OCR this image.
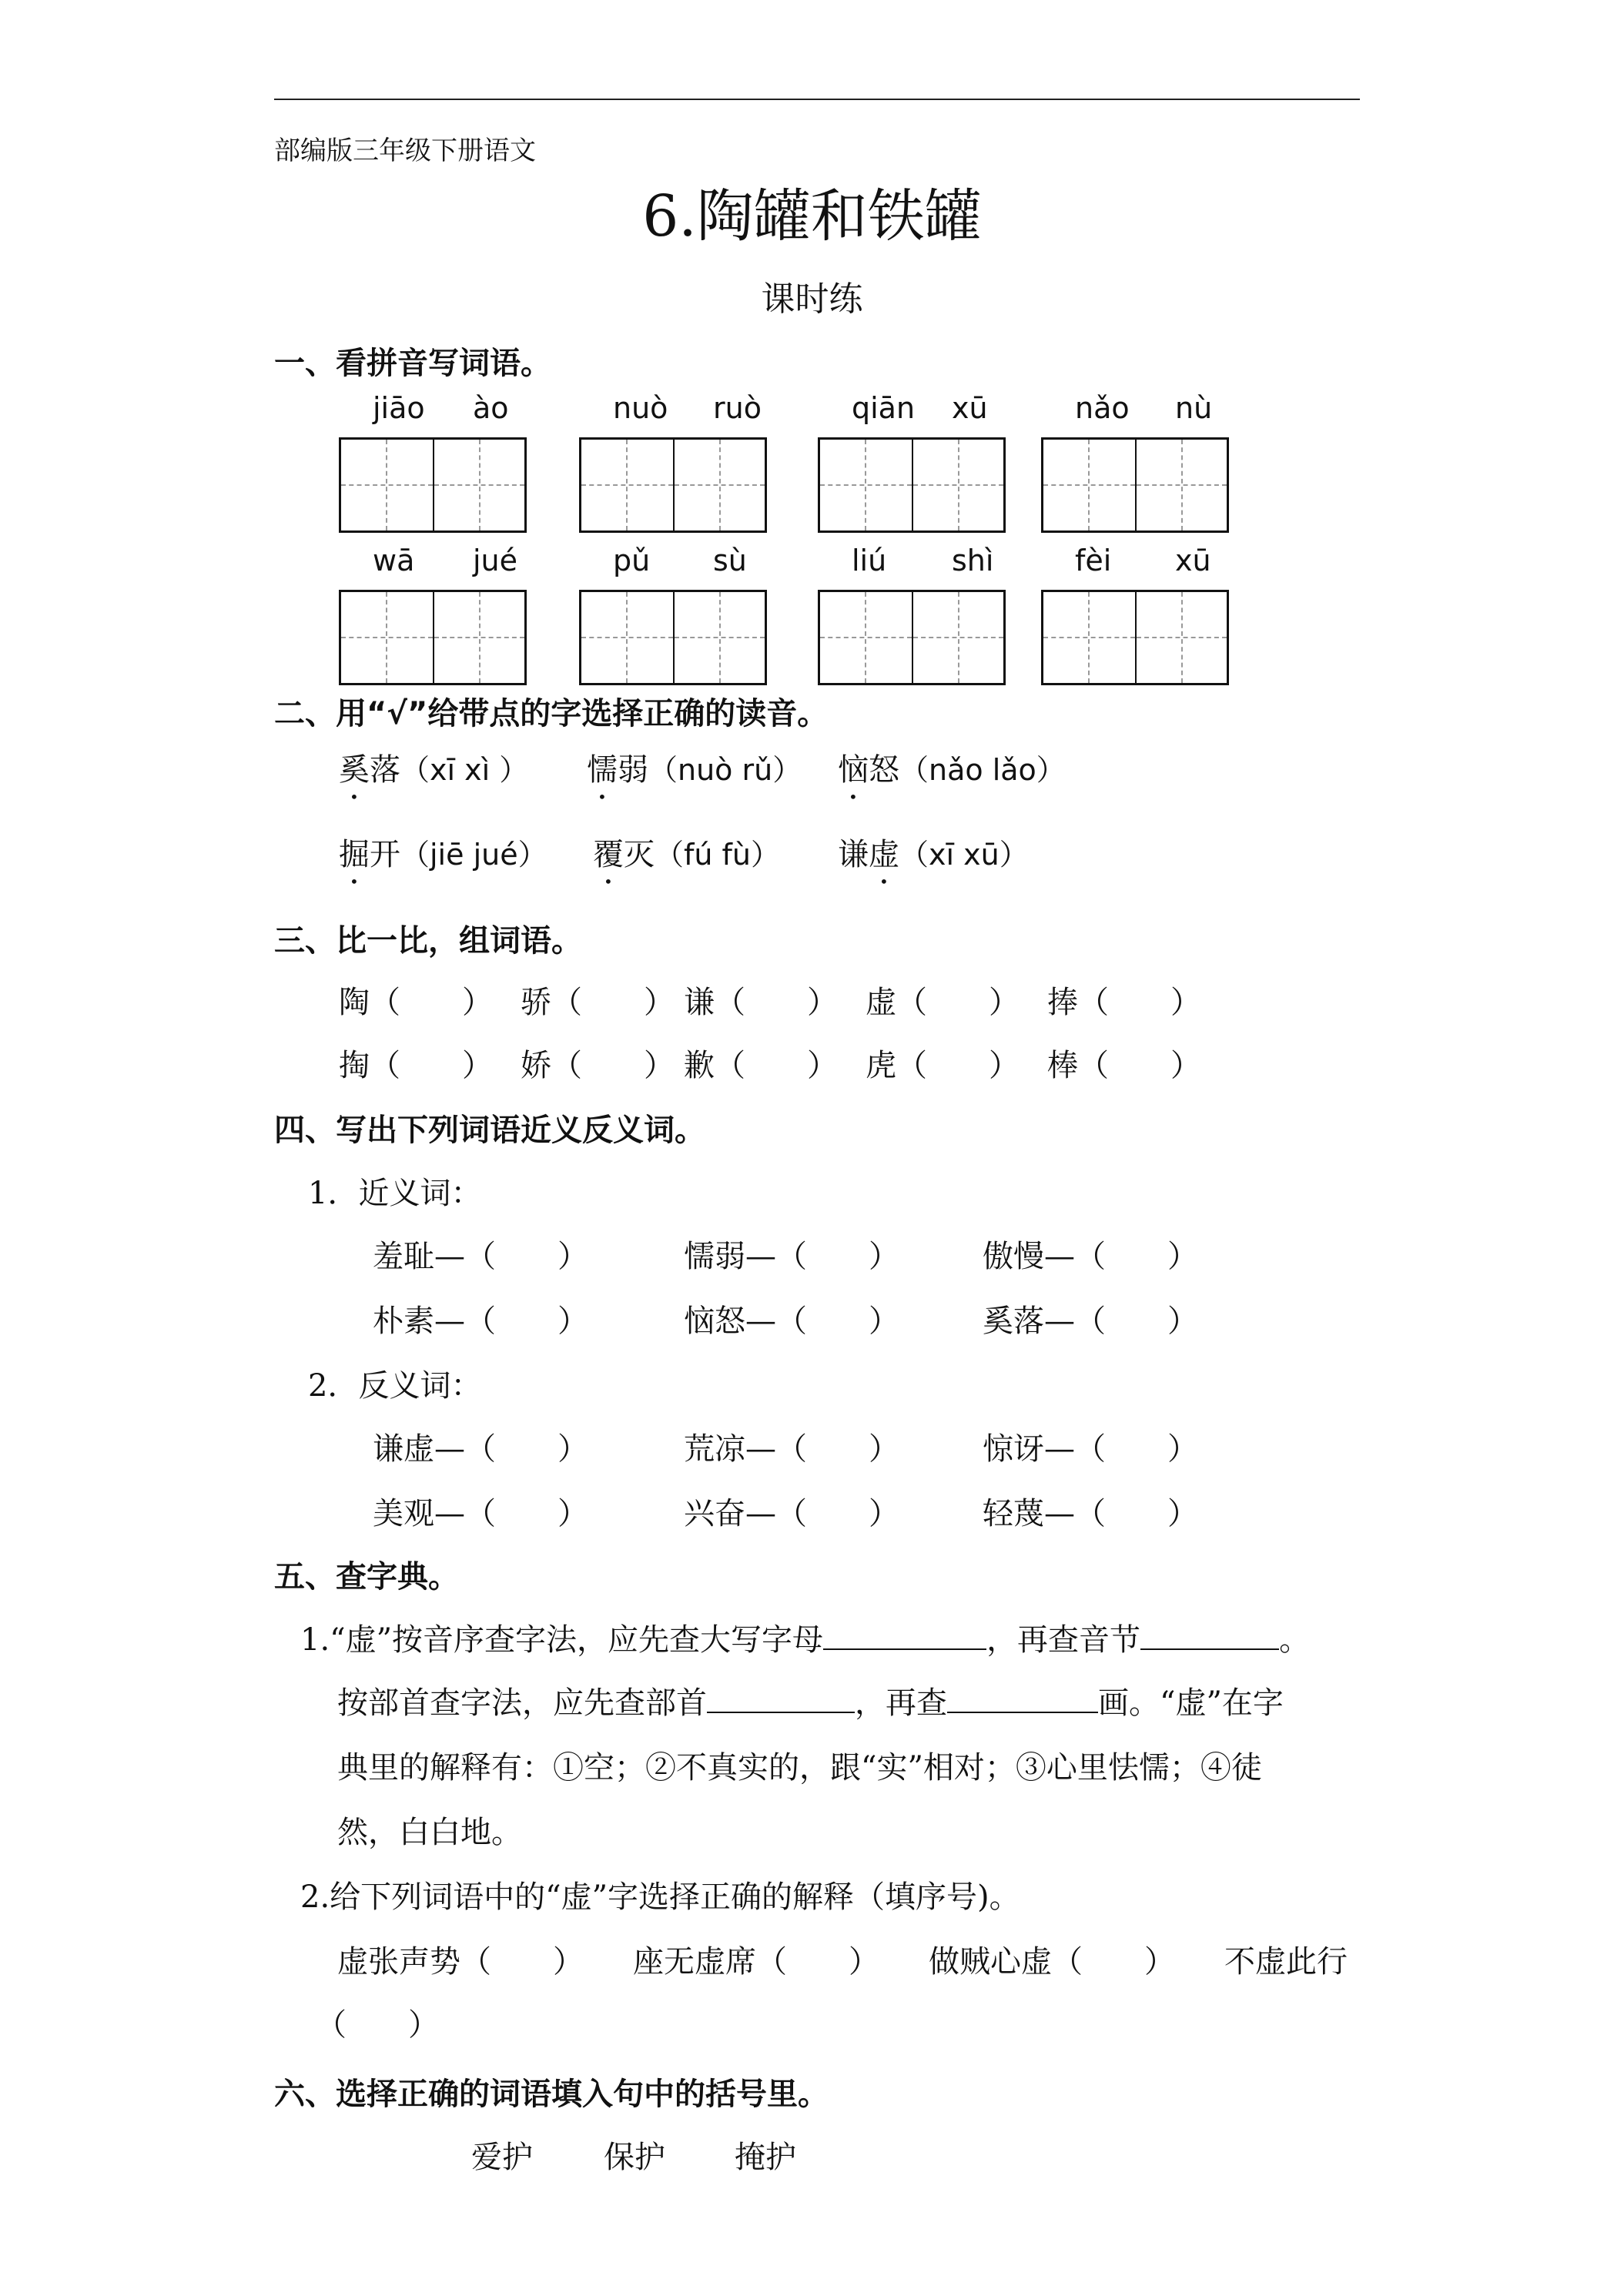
部编版三年级下册语文
6.陶罐和铁罐
课时练
一、看拼音写词语。
jiāo ào	nuò ruò	qiān xū	nǎo nù
wā jué	pǔ sù	liú shì	fèi xū
二、用“√”给带点的字选择正确的读音。
奚落（xī xì ） 懦弱（nuò rǔ） 恼怒（nǎo lǎo）
掘开（jiē jué） 覆灭（fú fù） 谦虚（xī xū）
三、比一比，组词语。
陶（　　） 骄（　　） 谦（　　） 虚（　　） 捧（　　）
掏（　　） 娇（　　） 歉（　　） 虎（　　） 棒（　　）
四、写出下列词语近义反义词。
1．近义词：
羞耻—（　　）	懦弱—（　　）	傲慢—（　　）
朴素—（　　）	恼怒—（　　）	奚落—（　　）
2．反义词：
谦虚—（　　）	荒凉—（　　）	惊讶—（　　）
美观—（　　）	兴奋—（　　）	轻蔑—（　　）
五、查字典。
1.“虚”按音序查字法，应先查大写字母	，再查音节	。
按部首查字法，应先查部首	，再查	画。“虚”在字
典里的解释有：①空；②不真实的，跟“实”相对；③心里怯懦；④徒
然，白白地。
2.给下列词语中的“虚”字选择正确的解释（填序号)。
虚张声势（　　） 座无虚席（　　） 做贼心虚（　　） 不虚此行
（　　）
六、选择正确的词语填入句中的括号里。
爱护 保护 掩护
